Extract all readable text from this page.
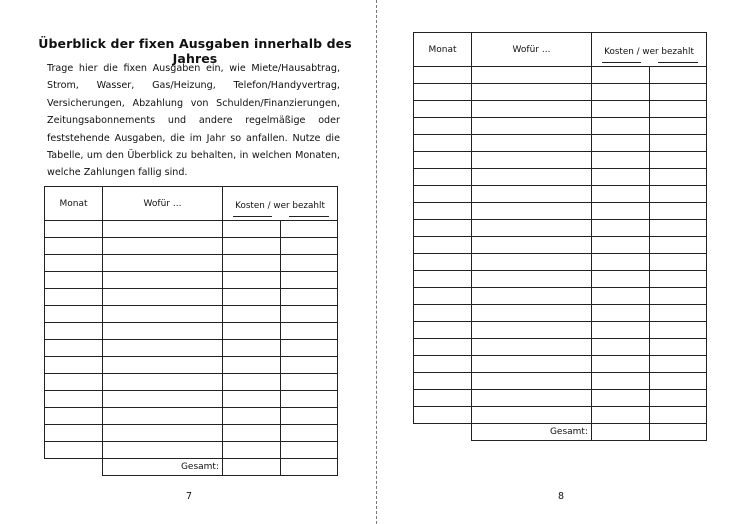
Überblick der fixen Ausgaben innerhalb des Jahres
Trage hier die fixen Ausgaben ein, wie Miete/Hausabtrag, Strom, Wasser, Gas/Heizung, Telefon/Handyvertrag, Versicherungen, Abzahlung von Schulden/Finanzierungen, Zeitungsabonnements und andere regelmäßige oder feststehende Ausgaben, die im Jahr so anfallen. Nutze die Tabelle, um den Überblick zu behalten, in welchen Monaten, welche Zahlungen fallig sind.
Monat	Wofür ...	Kosten / wer bezahlt	

	Gesamt:		
7
Monat	Wofür ...	Kosten / wer bezahlt	

	Gesamt:		
8
